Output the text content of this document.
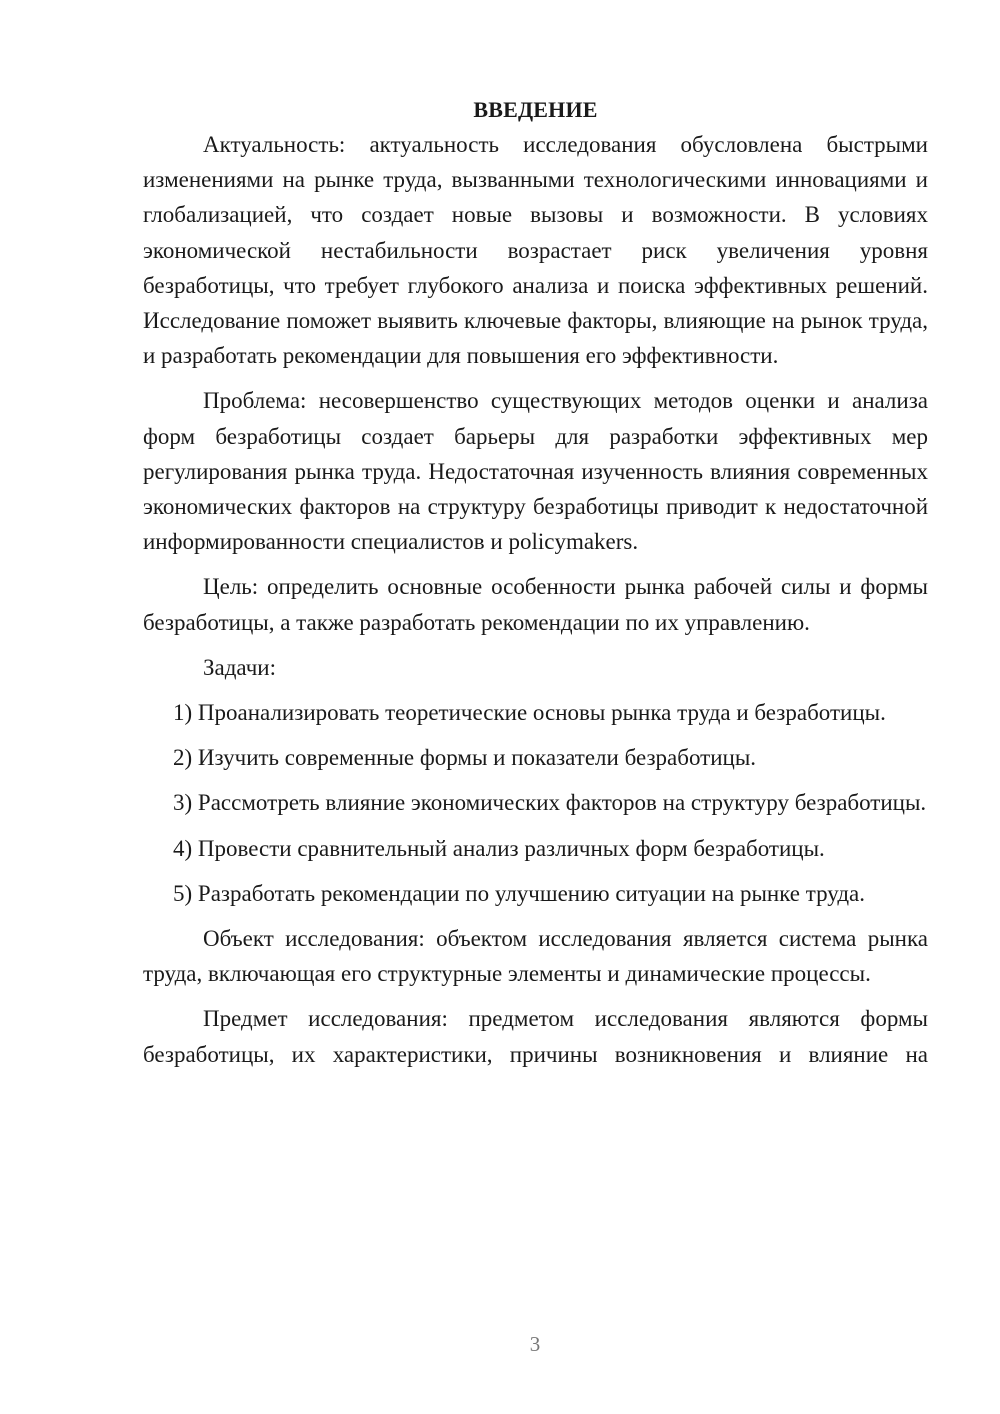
ВВЕДЕНИЕ

Актуальность: актуальность исследования обусловлена быстрыми изменениями на рынке труда, вызванными технологическими инновациями и глобализацией, что создает новые вызовы и возможности. В условиях экономической нестабильности возрастает риск увеличения уровня безработицы, что требует глубокого анализа и поиска эффективных решений. Исследование поможет выявить ключевые факторы, влияющие на рынок труда, и разработать рекомендации для повышения его эффективности.

Проблема: несовершенство существующих методов оценки и анализа форм безработицы создает барьеры для разработки эффективных мер регулирования рынка труда. Недостаточная изученность влияния современных экономических факторов на структуру безработицы приводит к недостаточной информированности специалистов и policymakers.

Цель: определить основные особенности рынка рабочей силы и формы безработицы, а также разработать рекомендации по их управлению.

Задачи:

1) Проанализировать теоретические основы рынка труда и безработицы.

2) Изучить современные формы и показатели безработицы.

3) Рассмотреть влияние экономических факторов на структуру безработицы.

4) Провести сравнительный анализ различных форм безработицы.

5) Разработать рекомендации по улучшению ситуации на рынке труда.

Объект исследования: объектом исследования является система рынка труда, включающая его структурные элементы и динамические процессы.

Предмет исследования: предметом исследования являются формы безработицы, их характеристики, причины возникновения и влияние на

3
